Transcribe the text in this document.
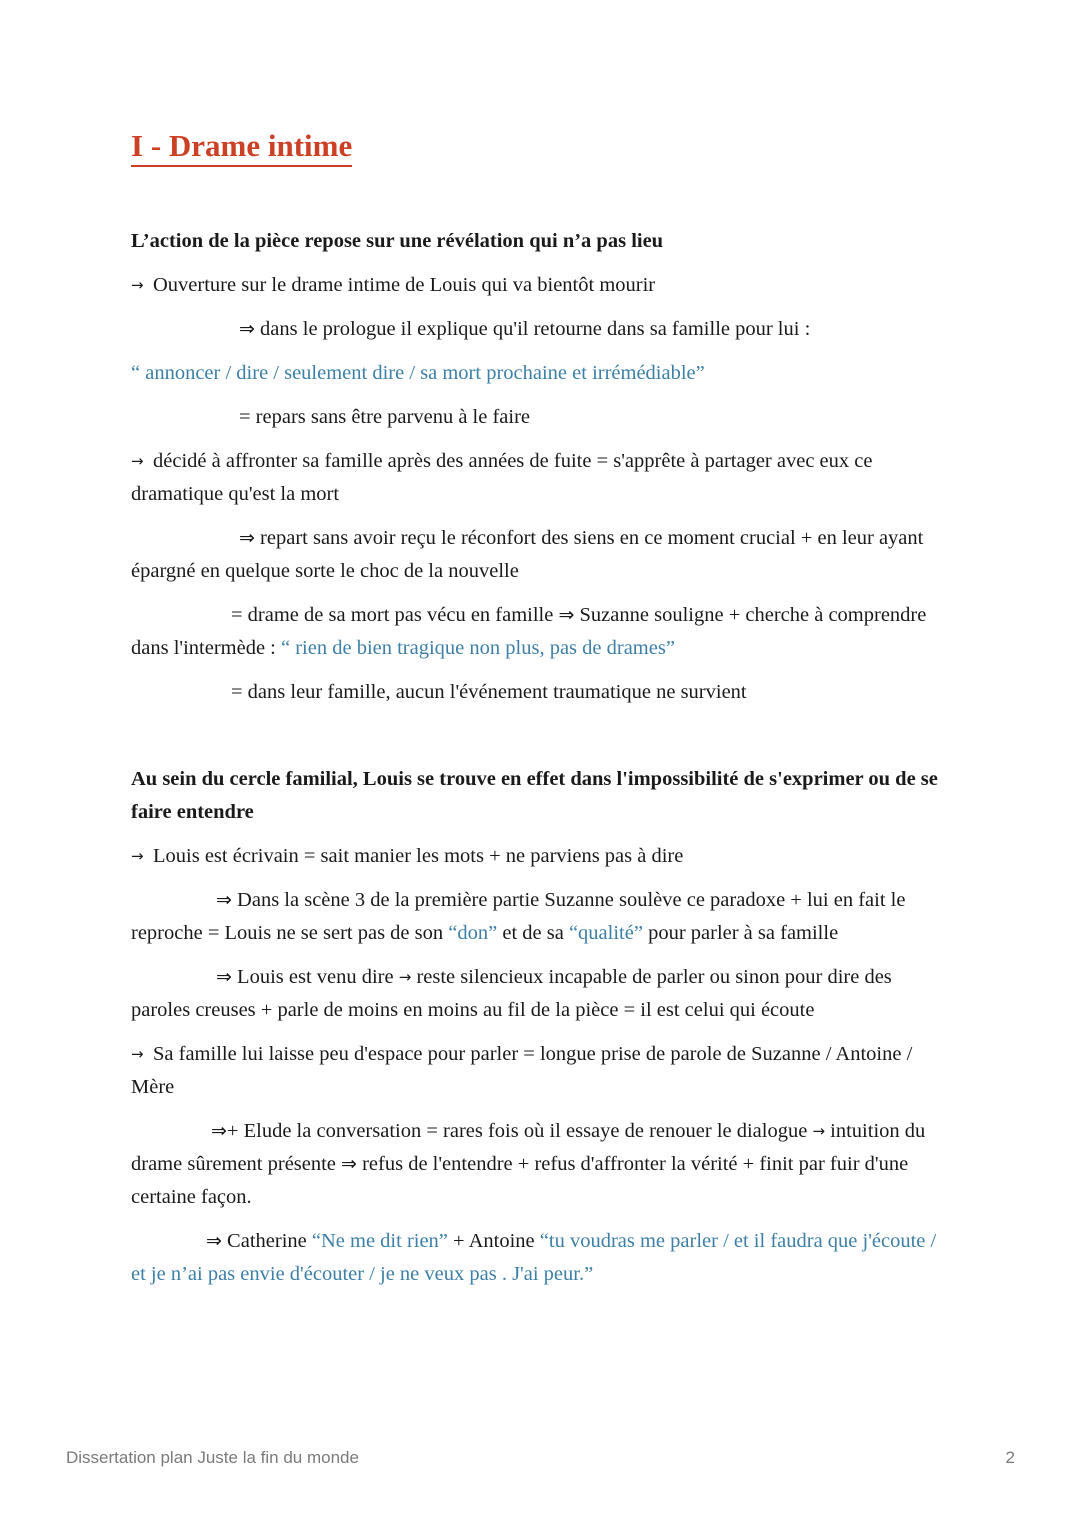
I - Drame intime

L’action de la pièce repose sur une révélation qui n’a pas lieu

→ Ouverture sur le drame intime de Louis qui va bientôt mourir

⇒ dans le prologue il explique qu'il retourne dans sa famille pour lui :

“ annoncer / dire / seulement dire / sa mort prochaine et irrémédiable”

= repars sans être parvenu à le faire

→ décidé à affronter sa famille après des années de fuite = s'apprête à partager avec eux ce dramatique qu'est la mort

⇒ repart sans avoir reçu le réconfort des siens en ce moment crucial + en leur ayant épargné en quelque sorte le choc de la nouvelle

= drame de sa mort pas vécu en famille ⇒ Suzanne souligne + cherche à comprendre dans l'intermède : “ rien de bien tragique non plus, pas de drames”

= dans leur famille, aucun l'événement traumatique ne survient

Au sein du cercle familial, Louis se trouve en effet dans l'impossibilité de s'exprimer ou de se faire entendre

→ Louis est écrivain = sait manier les mots + ne parviens pas à dire

⇒ Dans la scène 3 de la première partie Suzanne soulève ce paradoxe + lui en fait le reproche = Louis ne se sert pas de son “don” et de sa “qualité” pour parler à sa famille

⇒ Louis est venu dire → reste silencieux incapable de parler ou sinon pour dire des paroles creuses + parle de moins en moins au fil de la pièce = il est celui qui écoute

→ Sa famille lui laisse peu d'espace pour parler = longue prise de parole de Suzanne / Antoine / Mère

⇒+ Elude la conversation = rares fois où il essaye de renouer le dialogue → intuition du drame sûrement présente ⇒ refus de l'entendre + refus d'affronter la vérité + finit par fuir d'une certaine façon.

⇒ Catherine “Ne me dit rien” + Antoine “tu voudras me parler / et il faudra que j'écoute / et je n’ai pas envie d'écouter / je ne veux pas . J'ai peur.”

Dissertation plan Juste la fin du monde	2
